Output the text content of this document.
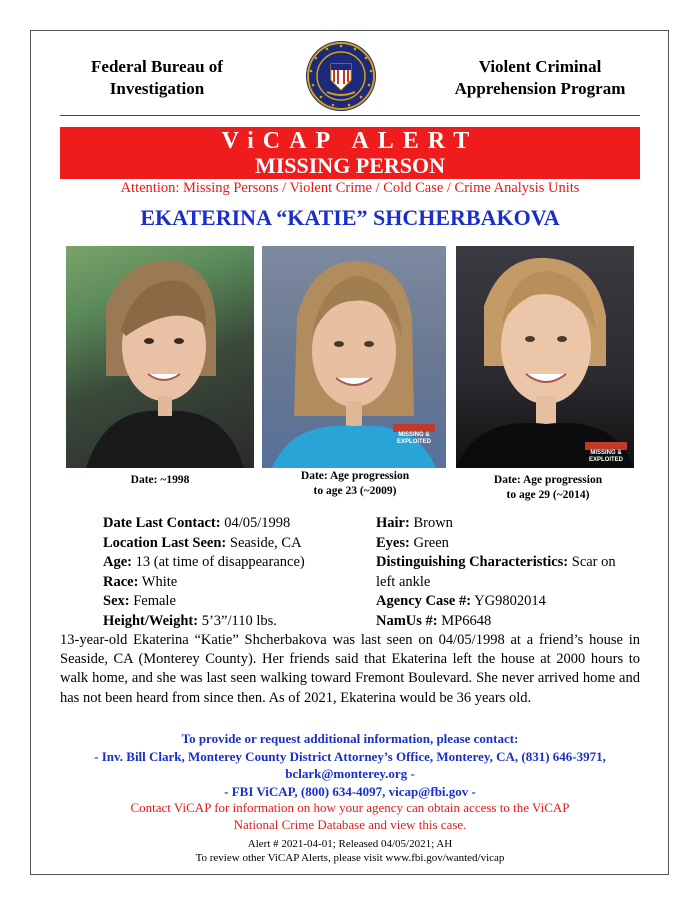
Federal Bureau of
Investigation
Violent Criminal
Apprehension Program
ViCAP ALERT
MISSING PERSON
Attention: Missing Persons / Violent Crime / Cold Case / Crime Analysis Units
EKATERINA “KATIE” SHCHERBAKOVA
MISSING & EXPLOITED
MISSING & EXPLOITED
Date: ~1998	Date: Age progression
to age 23 (~2009)
Date: Age progression
to age 29 (~2014)
Date Last Contact: 04/05/1998
Location Last Seen: Seaside, CA
Age: 13 (at time of disappearance)
Race: White
Sex: Female
Height/Weight: 5’3”/110 lbs.
Hair: Brown
Eyes: Green
Distinguishing Characteristics: Scar on left ankle
Agency Case #: YG9802014
NamUs #: MP6648
13-year-old Ekaterina “Katie” Shcherbakova was last seen on 04/05/1998 at a friend’s house in Seaside, CA (Monterey County). Her friends said that Ekaterina left the house at 2000 hours to walk home, and she was last seen walking toward Fremont Boulevard. She never arrived home and has not been heard from since then. As of 2021, Ekaterina would be 36 years old.
To provide or request additional information, please contact:
- Inv. Bill Clark, Monterey County District Attorney’s Office, Monterey, CA, (831) 646-3971,
bclark@monterey.org -
- FBI ViCAP, (800) 634-4097, vicap@fbi.gov -
Contact ViCAP for information on how your agency can obtain access to the ViCAP
National Crime Database and view this case.
Alert # 2021-04-01; Released 04/05/2021; AH
To review other ViCAP Alerts, please visit www.fbi.gov/wanted/vicap
